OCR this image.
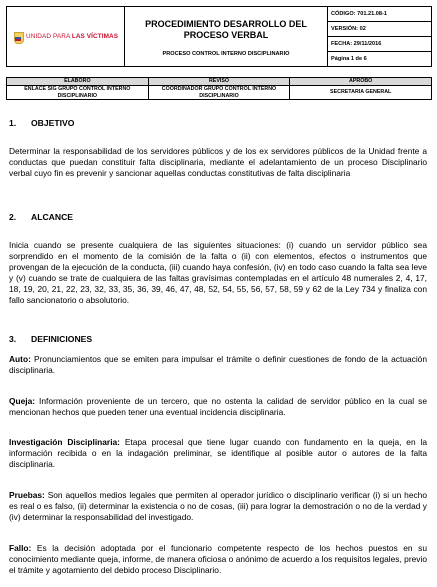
UNIDAD PARA LAS VÍCTIMAS

PROCEDIMIENTO DESARROLLO DEL
PROCESO VERBAL
PROCESO CONTROL INTERNO DISCIPLINARIO
	CÓDIGO: 701.21.08-1
VERSIÓN: 02
FECHA: 29/11/2016
Página 1 de 6
ELABORÓ	REVISÓ	APROBÓ
ENLACE SIG GRUPO CONTROL INTERNO DISCIPLINARIO	COORDINADOR GRUPO CONTROL INTERNO DISCIPLINARIO	SECRETARIA GENERAL
1. OBJETIVO
Determinar la responsabilidad de los servidores públicos y de los ex servidores públicos de la Unidad frente a conductas que puedan constituir falta disciplinaria, mediante el adelantamiento de un proceso Disciplinario verbal cuyo fin es prevenir y sancionar aquellas conductas constitutivas de falta disciplinaria
2. ALCANCE
Inicia cuando se presente cualquiera de las siguientes situaciones: (i) cuando un servidor público sea sorprendido en el momento de la comisión de la falta o (ii) con elementos, efectos o instrumentos que provengan de la ejecución de la conducta, (iii) cuando haya confesión, (iv) en todo caso cuando la falta sea leve y (v) cuando se trate de cualquiera de las faltas gravísimas contempladas en el artículo 48 numerales 2, 4, 17, 18, 19, 20, 21, 22, 23, 32, 33, 35, 36, 39, 46, 47, 48, 52, 54, 55, 56, 57, 58, 59 y 62 de la Ley 734 y finaliza con fallo sancionatorio o absolutorio.
3. DEFINICIONES
Auto: Pronunciamientos que se emiten para impulsar el trámite o definir cuestiones de fondo de la actuación disciplinaria.
Queja: Información proveniente de un tercero, que no ostenta la calidad de servidor público en la cual se mencionan hechos que pueden tener una eventual incidencia disciplinaria.
Investigación Disciplinaria: Etapa procesal que tiene lugar cuando con fundamento en la queja, en la información recibida o en la indagación preliminar, se identifique al posible autor o autores de la falta disciplinaria.
Pruebas: Son aquellos medios legales que permiten al operador jurídico o disciplinario verificar (i) si un hecho es real o es falso, (ii) determinar la existencia o no de cosas, (iii) para lograr la demostración o no de la verdad y (iv) determinar la responsabilidad del investigado.
Fallo: Es la decisión adoptada por el funcionario competente respecto de los hechos puestos en su conocimiento mediante queja, informe, de manera oficiosa o anónimo de acuerdo a los requisitos legales, previo el trámite y agotamiento del debido proceso Disciplinario.
